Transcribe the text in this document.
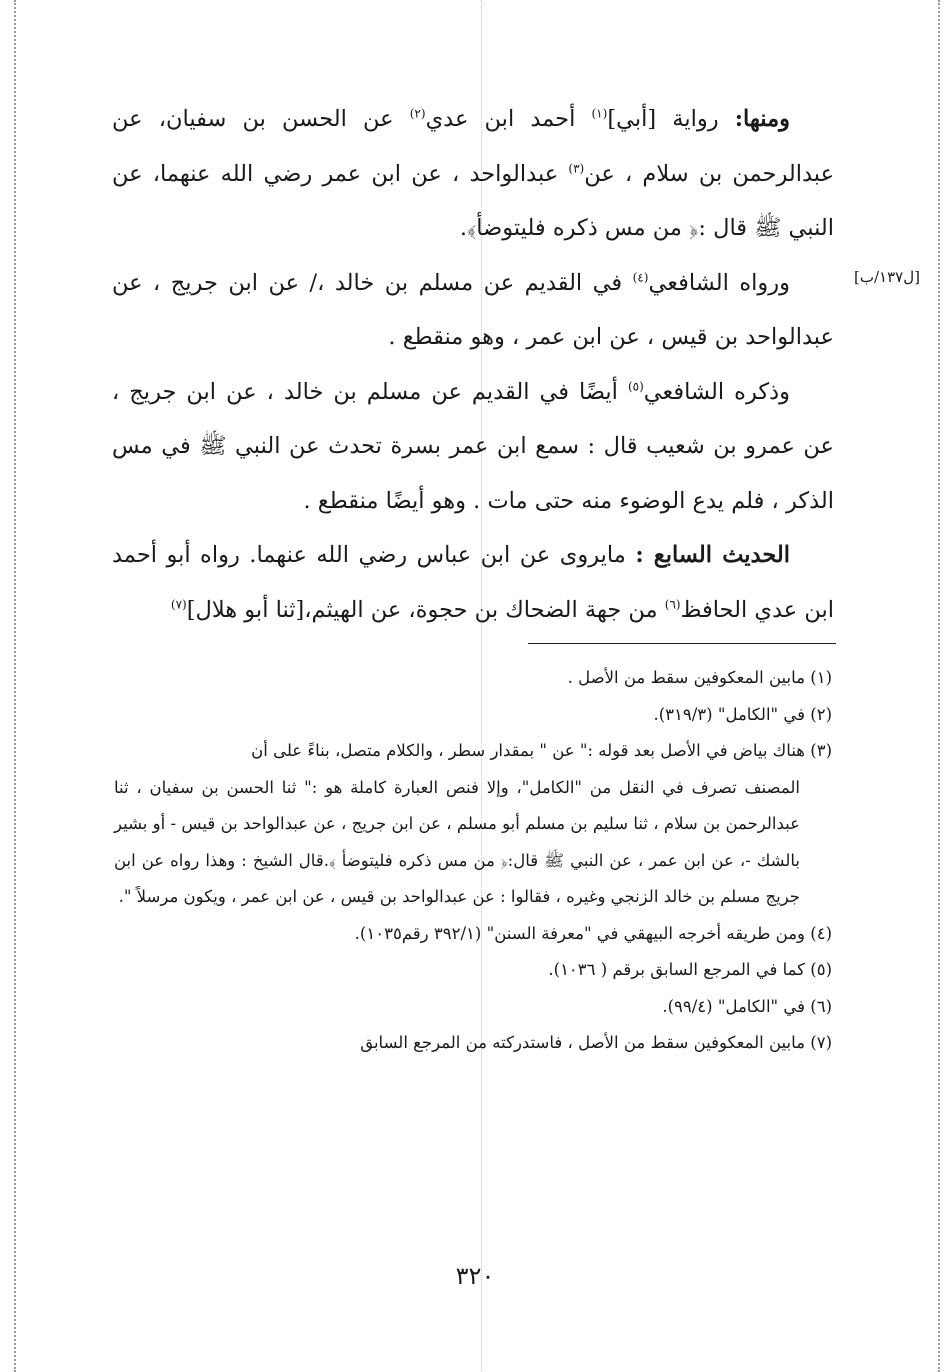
[ل١٣٧/ب]

ومنها: رواية [أبي]$^{(١)}$ أحمد ابن عدي$^{(٢)}$ عن الحسن بن سفيان، عن عبدالرحمن بن سلام ، عن$^{(٣)}$ عبدالواحد ، عن ابن عمر رضي الله عنهما، عن النبي ﷺ قال :﴿ من مس ذكره فليتوضأ﴾.

ورواه الشافعي$^{(٤)}$ في القديم عن مسلم بن خالد ،/ عن ابن جريج ، عن عبدالواحد بن قيس ، عن ابن عمر ، وهو منقطع .

وذكره الشافعي$^{(٥)}$ أيضًا في القديم عن مسلم بن خالد ، عن ابن جريج ، عن عمرو بن شعيب قال : سمع ابن عمر بسرة تحدث عن النبي ﷺ في مس الذكر ، فلم يدع الوضوء منه حتى مات . وهو أيضًا منقطع .

الحديث السابع : مايروى عن ابن عباس رضي الله عنهما. رواه أبو أحمد ابن عدي الحافظ$^{(٦)}$ من جهة الضحاك بن حجوة، عن الهيثم،[ثنا أبو هلال]$^{(٧)}$

(١) مابين المعكوفين سقط من الأصل .

(٢) في "الكامل" (٣١٩/٣).

(٣) هناك بياض في الأصل بعد قوله :" عن " بمقدار سطر ، والكلام متصل، بناءً على أن

المصنف تصرف في النقل من "الكامل"، وإلا فنص العبارة كاملة هو :" ثنا الحسن بن سفيان ، ثنا عبدالرحمن بن سلام ، ثنا سليم بن مسلم أبو مسلم ، عن ابن جريج ، عن عبدالواحد بن قيس - أو بشير بالشك -، عن ابن عمر ، عن النبي ﷺ قال:﴿ من مس ذكره فليتوضأ ﴾.قال الشيخ : وهذا رواه عن ابن جريج مسلم بن خالد الزنجي وغيره ، فقالوا : عن عبدالواحد بن قيس ، عن ابن عمر ، ويكون مرسلاً ".

(٤) ومن طريقه أخرجه البيهقي في "معرفة السنن" (٣٩٢/١ رقم١٠٣٥).

(٥) كما في المرجع السابق برقم ( ١٠٣٦).

(٦) في "الكامل" (٩٩/٤).

(٧) مابين المعكوفين سقط من الأصل ، فاستدركته من المرجع السابق

٣٢٠
